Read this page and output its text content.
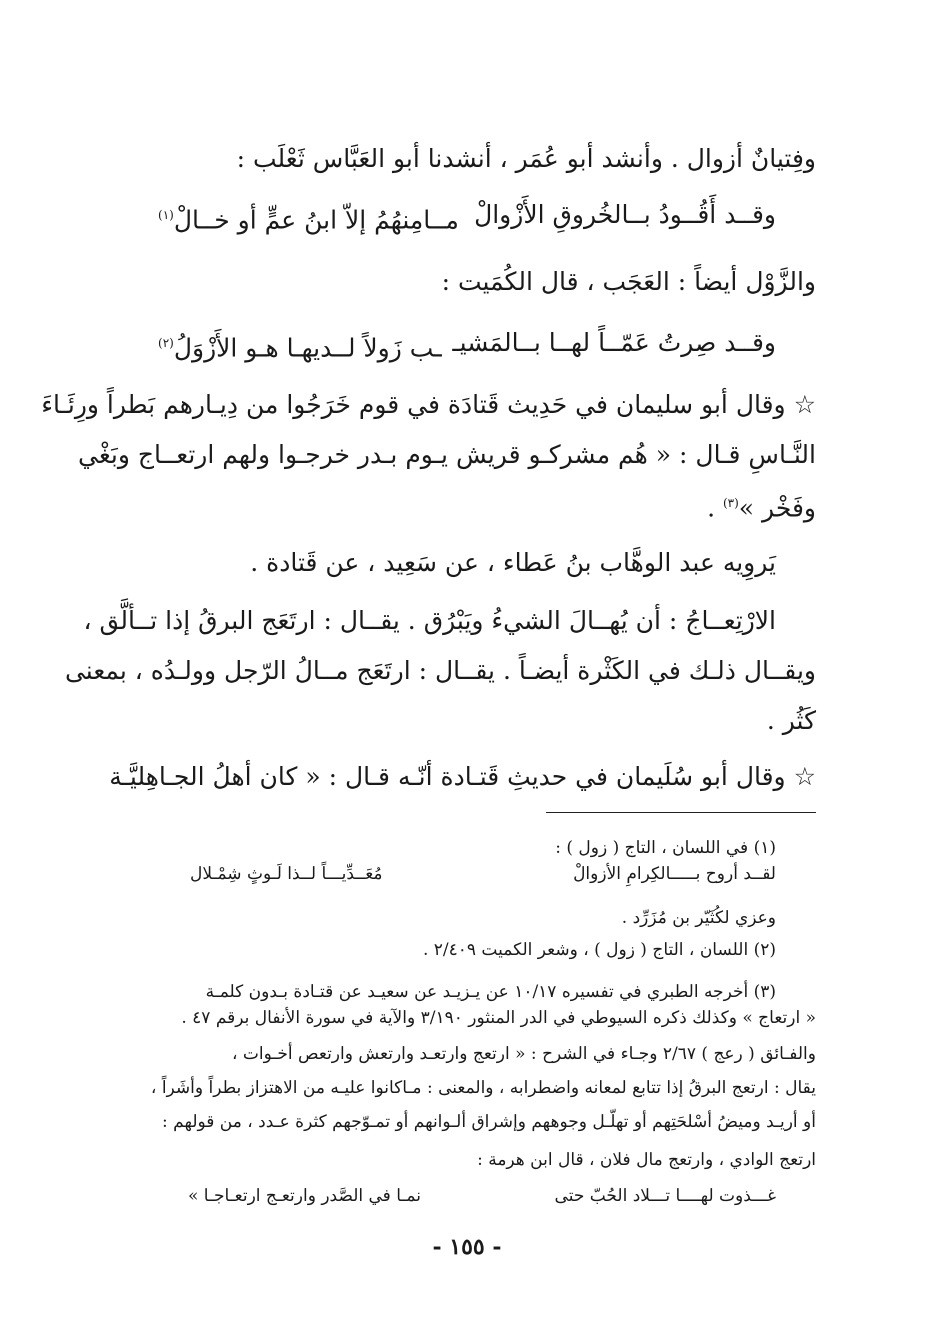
وفِتيانٌ أزوال . وأنشد أبو عُمَر ، أنشدنا أبو العَبَّاس ثَعْلَب :
وقــد أَقُــودُ بــالخُروقِ الأَزْوالْ
مــامِنهُمُ إلاّ ابنُ عمٍّ أو خــالْ$^{(١)}$
والزَّوْل أيضاً : العَجَب ، قال الكُمَيت :
وقــد صِرتُ عَمّــاً لهــا بــالمَشيـ
ـب زَولاً لــديهـا هـو الأَزْوَلُ$^{(٢)}$
☆ وقال أبو سليمان في حَدِيث قَتادَة في قوم خَرَجُوا من دِيـارهم بَطراً ورِئَـاءَ
النَّـاسِ قـال : « هُم مشركـو قريش يـوم بـدر خرجـوا ولهم ارتعــاج وبَغْي
وفَخْر »$^{(٣)}$ .
يَروِيه عبد الوهَّاب بنُ عَطاء ، عن سَعِيد ، عن قَتادة .
الارْتِعــاجُ : أن يُهــالَ الشيءُ ويَبْرُق . يقــال : ارتَعَج البرقُ إذا تــألَّق ،
ويقــال ذلـك في الكَثْرة أيضـاً . يقــال : ارتَعَج مــالُ الرّجل وولـدُه ، بمعنى
كَثُر .
☆ وقال أبو سُلَيمان في حديثِ قَتـادة أنّـه قـال : « كان أهلُ الجـاهِليَّـة
(١) في اللسان ، التاج ( زول ) :
لقــد أروح بـــــالكِرامِ الأزوالْ
مُعَــدِّيـــاً لــذا لَـوثٍ شِمْـلال
وعزي لكُثَيّر بن مُزَرِّد .
(٢) اللسان ، التاج ( زول ) ، وشعر الكميت ٢/٤٠٩ .
(٣) أخرجه الطبري في تفسيره ١٠/١٧ عن يـزيـد عن سعيـد عن قتـادة بـدون كلمـة
« ارتعاج » وكذلك ذكره السيوطي في الدر المنثور ٣/١٩٠ والآية في سورة الأنفال برقم ٤٧ .
والفـائق ( رعج ) ٢/٦٧ وجـاء في الشرح : « ارتعج وارتعـد وارتعش وارتعص أخـوات ،
يقال : ارتعج البرقُ إذا تتابع لمعانه واضطرابه ، والمعنى : مـاكانوا عليـه من الاهتزاز بطراً وأشَراً ،
أو أريـد وميضُ أسْلحَتِهم أو تهلّـل وجوههم وإشراق ألـوانهم أو تمـوّجهم كثرة عـدد ، من قولهم :
ارتعج الوادي ، وارتعج مال فلان ، قال ابن هرمة :
غـــذوت لهــــا تـــلاد الحُبّ حتى
نمـا في الصَّدر وارتعـج ارتعـاجـا »
- ١٥٥ -
